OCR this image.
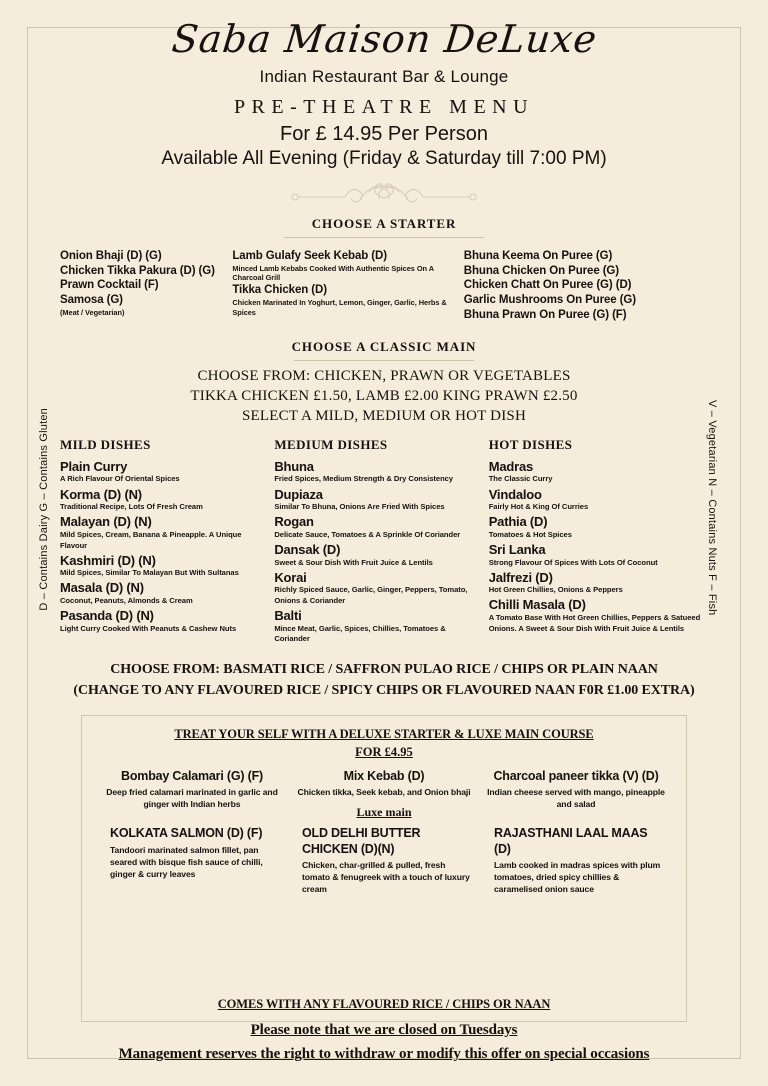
Saba Maison DeLuxe
Indian Restaurant Bar & Lounge
PRE-THEATRE MENU
For £ 14.95 Per Person
Available All Evening (Friday & Saturday till 7:00 PM)
CHOOSE A STARTER
Onion Bhaji (D) (G)
Chicken Tikka Pakura (D) (G)
Prawn Cocktail (F)
Samosa (G)
(Meat / Vegetarian)
Lamb Gulafy Seek Kebab (D)
Minced Lamb Kebabs Cooked With Authentic Spices On A Charcoal Grill
Tikka Chicken (D)
Chicken Marinated In Yoghurt, Lemon, Ginger, Garlic, Herbs & Spices
Bhuna Keema On Puree (G)
Bhuna Chicken On Puree (G)
Chicken Chatt On Puree (G) (D)
Garlic Mushrooms On Puree (G)
Bhuna Prawn On Puree (G) (F)
CHOOSE A CLASSIC MAIN
CHOOSE FROM: CHICKEN, PRAWN OR VEGETABLES
TIKKA CHICKEN £1.50, LAMB £2.00 KING PRAWN £2.50
SELECT A MILD, MEDIUM OR HOT DISH
MILD DISHES
Plain Curry
A Rich Flavour Of Oriental Spices
Korma (D) (N)
Traditional Recipe, Lots Of Fresh Cream
Malayan (D) (N)
Mild Spices, Cream, Banana & Pineapple. A Unique Flavour
Kashmiri (D) (N)
Mild Spices, Similar To Malayan But With Sultanas
Masala (D) (N)
Coconut, Peanuts, Almonds & Cream
Pasanda (D) (N)
Light Curry Cooked With Peanuts & Cashew Nuts
MEDIUM DISHES
Bhuna
Fried Spices, Medium Strength & Dry Consistency
Dupiaza
Similar To Bhuna, Onions Are Fried With Spices
Rogan
Delicate Sauce, Tomatoes & A Sprinkle Of Coriander
Dansak (D)
Sweet & Sour Dish With Fruit Juice & Lentils
Korai
Richly Spiced Sauce, Garlic, Ginger, Peppers, Tomato, Onions & Coriander
Balti
Mince Meat, Garlic, Spices, Chillies, Tomatoes & Coriander
HOT DISHES
Madras
The Classic Curry
Vindaloo
Fairly Hot & King Of Curries
Pathia (D)
Tomatoes & Hot Spices
Sri Lanka
Strong Flavour Of Spices With Lots Of Coconut
Jalfrezi (D)
Hot Green Chillies, Onions & Peppers
Chilli Masala (D)
A Tomato Base With Hot Green Chillies, Peppers & Satueed Onions. A Sweet & Sour Dish With Fruit Juice & Lentils
CHOOSE FROM: BASMATI RICE / SAFFRON PULAO RICE / CHIPS OR PLAIN NAAN
(CHANGE TO ANY FLAVOURED RICE / SPICY CHIPS OR FLAVOURED NAAN F0R £1.00 EXTRA)
TREAT YOUR SELF WITH A DELUXE STARTER & LUXE MAIN COURSE
FOR £4.95
Bombay Calamari (G) (F)
Deep fried calamari marinated in garlic and ginger with Indian herbs
Mix Kebab (D)
Chicken tikka, Seek kebab, and Onion bhaji
Luxe main
Charcoal paneer tikka (V) (D)
Indian cheese served with mango, pineapple and salad
KOLKATA SALMON (D) (F)
Tandoori marinated salmon fillet, pan seared with bisque fish sauce of chilli, ginger & curry leaves
OLD DELHI BUTTER CHICKEN (D)(N)
Chicken, char-grilled & pulled, fresh tomato & fenugreek with a touch of luxury cream
RAJASTHANI LAAL MAAS (D)
Lamb cooked in madras spices with plum tomatoes, dried spicy chillies & caramelised onion sauce
COMES WITH ANY FLAVOURED RICE / CHIPS OR NAAN
Please note that we are closed on Tuesdays
Management reserves the right to withdraw or modify this offer on special occasions
D – Contains Dairy G – Contains Gluten	V – Vegetarian N – Contains Nuts F – Fish
